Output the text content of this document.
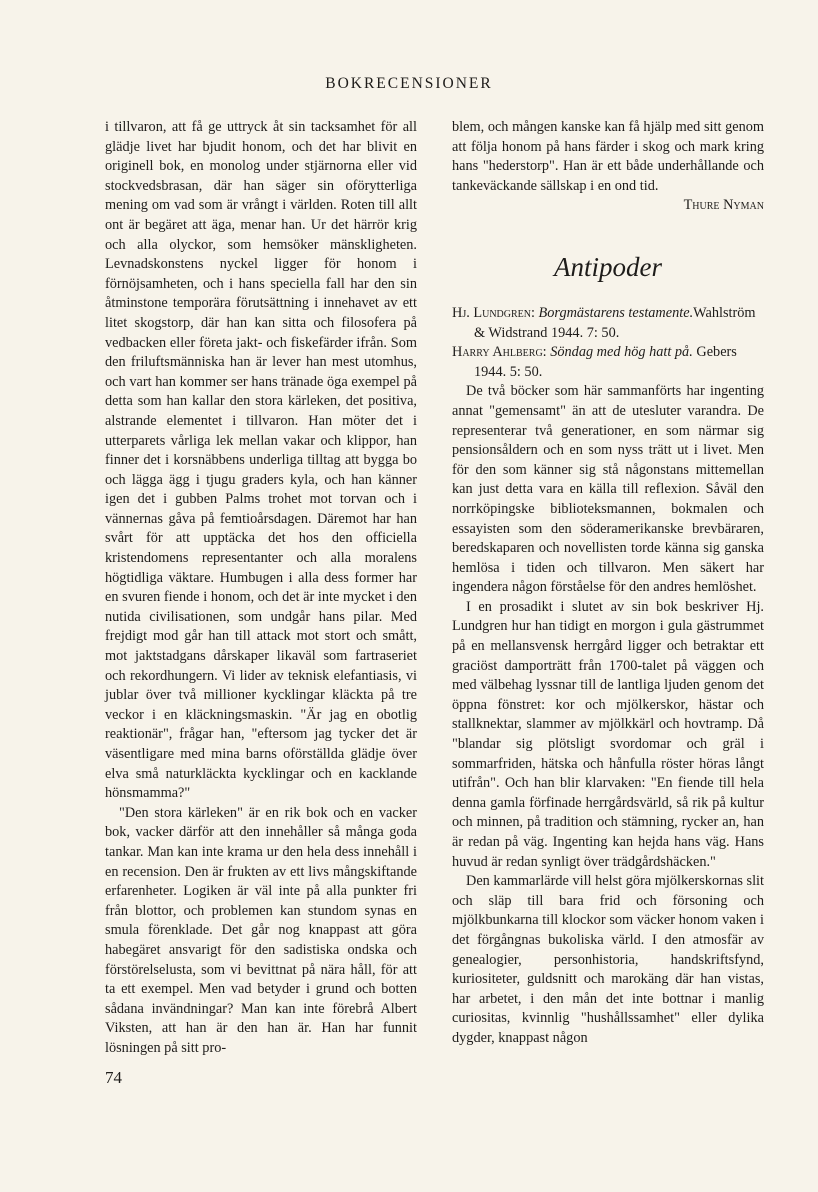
BOKRECENSIONER

i tillvaron, att få ge uttryck åt sin tacksamhet för all glädje livet har bjudit honom, och det har blivit en originell bok, en monolog under stjärnorna eller vid stockvedsbrasan, där han säger sin oförytterliga mening om vad som är vrångt i världen. Roten till allt ont är begäret att äga, menar han. Ur det härrör krig och alla olyckor, som hemsöker mänskligheten. Levnadskonstens nyckel ligger för honom i förnöjsamheten, och i hans speciella fall har den sin åtminstone temporära förutsättning i innehavet av ett litet skogstorp, där han kan sitta och filosofera på vedbacken eller företa jakt- och fiskefärder ifrån. Som den friluftsmänniska han är lever han mest utomhus, och vart han kommer ser hans tränade öga exempel på detta som han kallar den stora kärleken, det positiva, alstrande elementet i tillvaron. Han möter det i utterparets vårliga lek mellan vakar och klippor, han finner det i korsnäbbens underliga tilltag att bygga bo och lägga ägg i tjugu graders kyla, och han känner igen det i gubben Palms trohet mot torvan och i vännernas gåva på femtioårsdagen. Däremot har han svårt för att upptäcka det hos den officiella kristendomens representanter och alla moralens högtidliga väktare. Humbugen i alla dess former har en svuren fiende i honom, och det är inte mycket i den nutida civilisationen, som undgår hans pilar. Med frejdigt mod går han till attack mot stort och smått, mot jaktstadgans dårskaper likaväl som fartraseriet och rekordhungern. Vi lider av teknisk elefantiasis, vi jublar över två millioner kycklingar kläckta på tre veckor i en kläckningsmaskin. "Är jag en obotlig reaktionär", frågar han, "eftersom jag tycker det är väsentligare med mina barns oförställda glädje över elva små naturkläckta kycklingar och en kacklande hönsmamma?"

"Den stora kärleken" är en rik bok och en vacker bok, vacker därför att den innehåller så många goda tankar. Man kan inte krama ur den hela dess innehåll i en recension. Den är frukten av ett livs mångskiftande erfarenheter. Logiken är väl inte på alla punkter fri från blottor, och problemen kan stundom synas en smula förenklade. Det går nog knappast att göra habegäret ansvarigt för den sadistiska ondska och förstörelselusta, som vi bevittnat på nära håll, för att ta ett exempel. Men vad betyder i grund och botten sådana invändningar? Man kan inte förebrå Albert Viksten, att han är den han är. Han har funnit lösningen på sitt pro-

blem, och mången kanske kan få hjälp med sitt genom att följa honom på hans färder i skog och mark kring hans "hederstorp". Han är ett både underhållande och tankeväckande sällskap i en ond tid.

Thure Nyman
Antipoder

Hj. Lundgren: Borgmästarens testamente.Wahlström & Widstrand 1944. 7: 50.

Harry Ahlberg: Söndag med hög hatt på. Gebers 1944. 5: 50.

De två böcker som här sammanförts har ingenting annat "gemensamt" än att de utesluter varandra. De representerar två generationer, en som närmar sig pensionsåldern och en som nyss trätt ut i livet. Men för den som känner sig stå någonstans mittemellan kan just detta vara en källa till reflexion. Såväl den norrköpingske biblioteksmannen, bokmalen och essayisten som den söderamerikanske brevbäraren, beredskaparen och novellisten torde känna sig ganska hemlösa i tiden och tillvaron. Men säkert har ingendera någon förståelse för den andres hemlöshet.

I en prosadikt i slutet av sin bok beskriver Hj. Lundgren hur han tidigt en morgon i gula gästrummet på en mellansvensk herrgård ligger och betraktar ett graciöst damporträtt från 1700-talet på väggen och med välbehag lyssnar till de lantliga ljuden genom det öppna fönstret: kor och mjölkerskor, hästar och stallknektar, slammer av mjölkkärl och hovtramp. Då "blandar sig plötsligt svordomar och gräl i sommarfriden, hätska och hånfulla röster höras långt utifrån". Och han blir klarvaken: "En fiende till hela denna gamla förfinade herrgårdsvärld, så rik på kultur och minnen, på tradition och stämning, rycker an, han är redan på väg. Ingenting kan hejda hans väg. Hans huvud är redan synligt över trädgårdshäcken."

Den kammarlärde vill helst göra mjölkerskornas slit och släp till bara frid och försoning och mjölkbunkarna till klockor som väcker honom vaken i det förgångnas bukoliska värld. I den atmosfär av genealogier, personhistoria, handskriftsfynd, kuriositeter, guldsnitt och marokäng där han vistas, har arbetet, i den mån det inte bottnar i manlig curiositas, kvinnlig "hushållssamhet" eller dylika dygder, knappast någon

74
